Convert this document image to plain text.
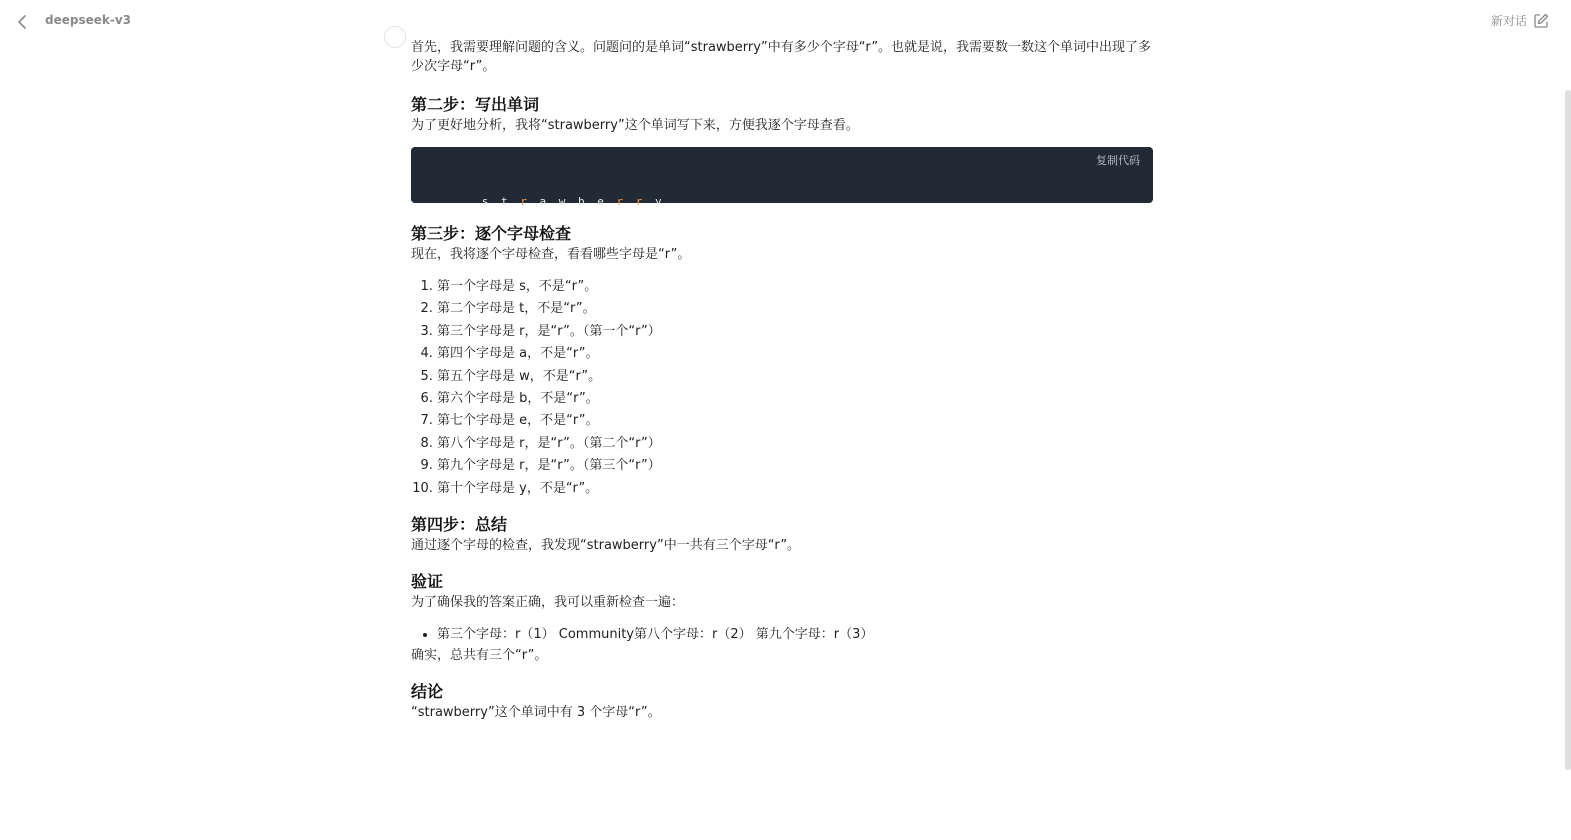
deepseek-v3	新对话

首先，我需要理解问题的含义。问题问的是单词“strawberry”中有多少个字母“r”。也就是说，我需要数一数这个单词中出现了多少次字母“r”。

第二步：写出单词

为了更好地分析，我将“strawberry”这个单词写下来，方便我逐个字母查看。

复制代码

s t r a w b e r r y

第三步：逐个字母检查

现在，我将逐个字母检查，看看哪些字母是“r”。

1. 第一个字母是 s，不是“r”。
2. 第二个字母是 t，不是“r”。
3. 第三个字母是 r，是“r”。（第一个“r”）
4. 第四个字母是 a，不是“r”。
5. 第五个字母是 w，不是“r”。
6. 第六个字母是 b，不是“r”。
7. 第七个字母是 e，不是“r”。
8. 第八个字母是 r，是“r”。（第二个“r”）
9. 第九个字母是 r，是“r”。（第三个“r”）
10. 第十个字母是 y，不是“r”。
第四步：总结

通过逐个字母的检查，我发现“strawberry”中一共有三个字母“r”。

验证

为了确保我的答案正确，我可以重新检查一遍：

• 第三个字母：r（1） Community第八个字母：r（2） 第九个字母：r（3）

确实，总共有三个“r”。

结论

“strawberry”这个单词中有 3 个字母“r”。
